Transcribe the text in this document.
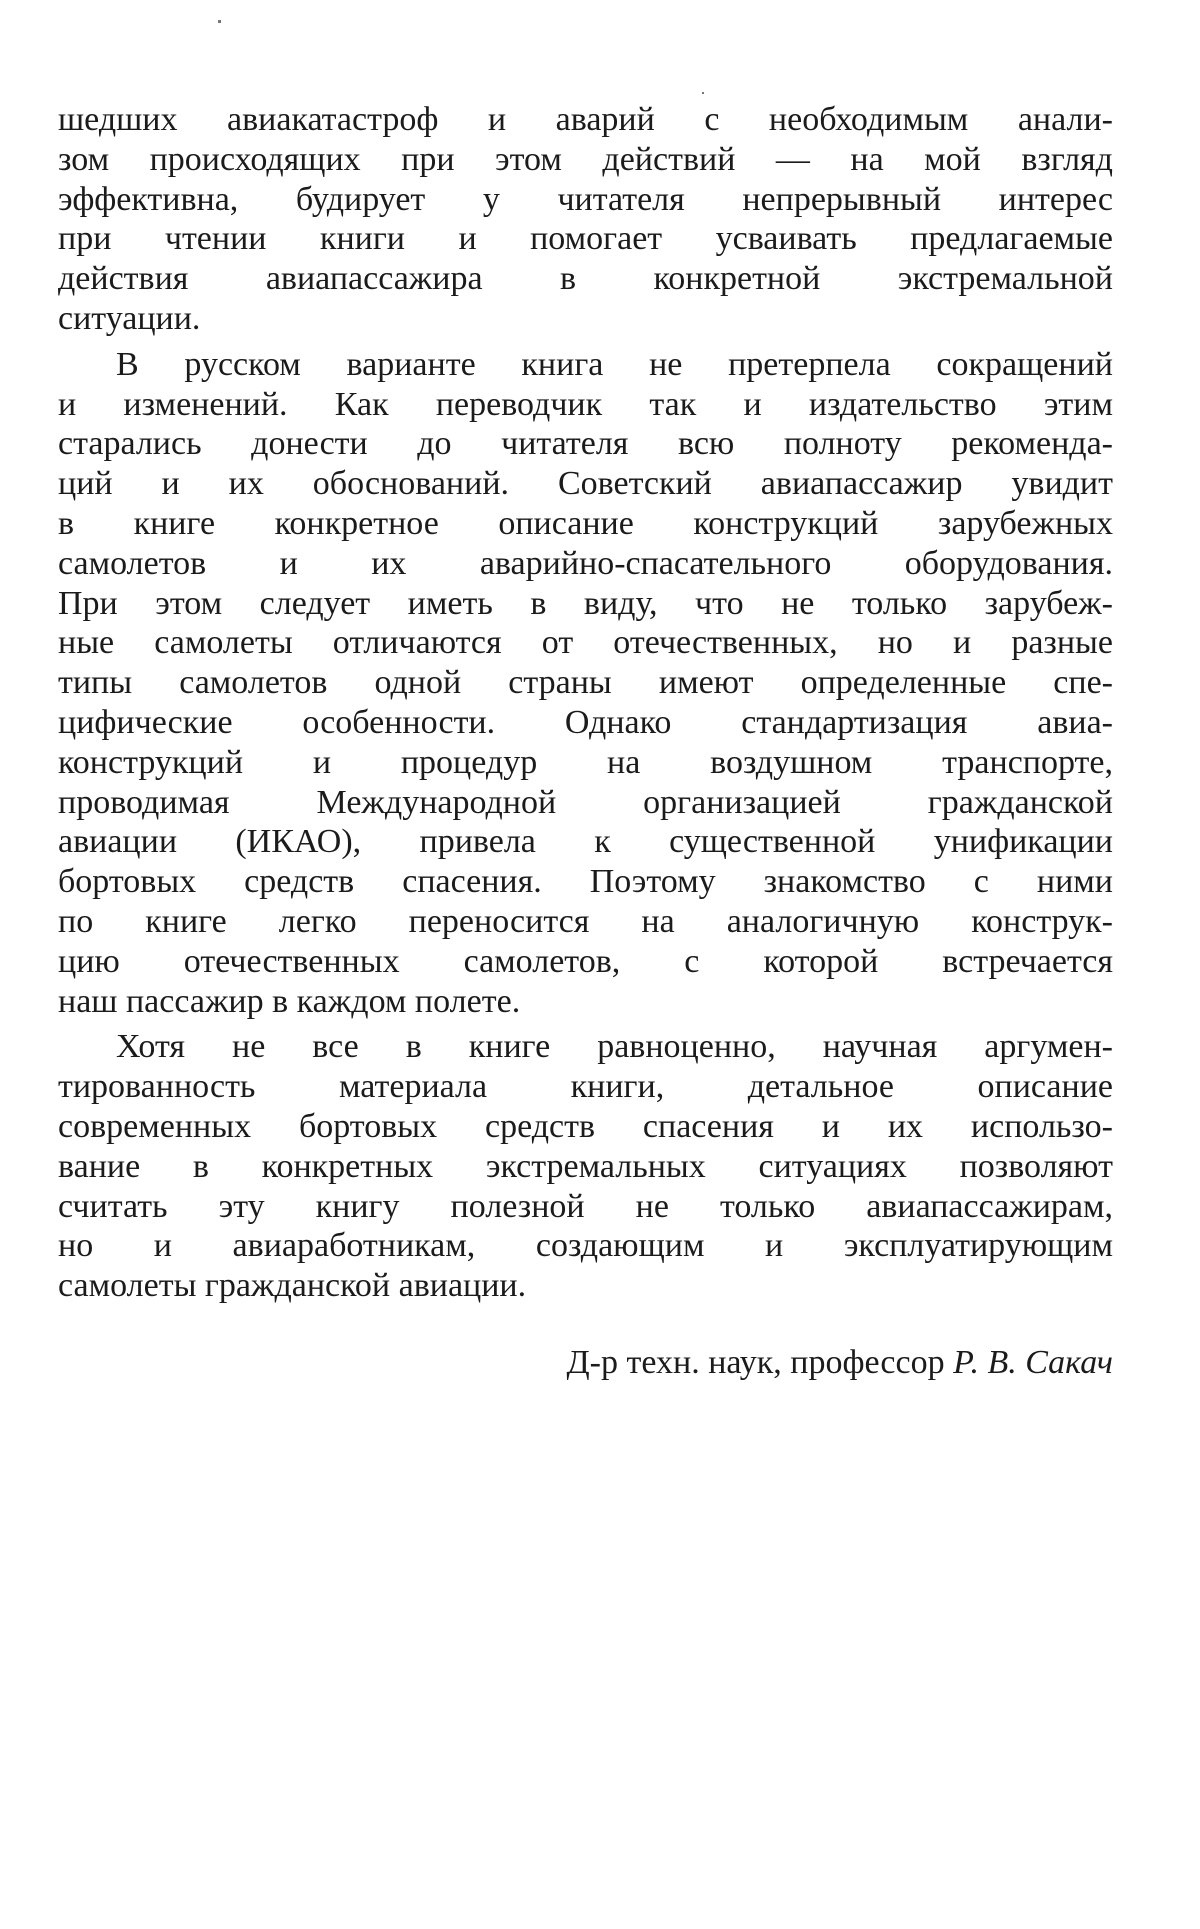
шедших авиакатастроф и аварий с необходимым анали-
зом происходящих при этом действий — на мой взгляд
эффективна, будирует у читателя непрерывный интерес
при чтении книги и помогает усваивать предлагаемые
действия авиапассажира в конкретной экстремальной
ситуации.
В русском варианте книга не претерпела сокращений
и изменений. Как переводчик так и издательство этим
старались донести до читателя всю полноту рекоменда-
ций и их обоснований. Советский авиапассажир увидит
в книге конкретное описание конструкций зарубежных
самолетов и их аварийно-спасательного оборудования.
При этом следует иметь в виду, что не только зарубеж-
ные самолеты отличаются от отечественных, но и разные
типы самолетов одной страны имеют определенные спе-
цифические особенности. Однако стандартизация авиа-
конструкций и процедур на воздушном транспорте,
проводимая Международной организацией гражданской
авиации (ИКАО), привела к существенной унификации
бортовых средств спасения. Поэтому знакомство с ними
по книге легко переносится на аналогичную конструк-
цию отечественных самолетов, с которой встречается
наш пассажир в каждом полете.
Хотя не все в книге равноценно, научная аргумен-
тированность материала книги, детальное описание
современных бортовых средств спасения и их использо-
вание в конкретных экстремальных ситуациях позволяют
считать эту книгу полезной не только авиапассажирам,
но и авиаработникам, создающим и эксплуатирующим
самолеты гражданской авиации.
Д-р техн. наук, профессор Р. В. Сакач
